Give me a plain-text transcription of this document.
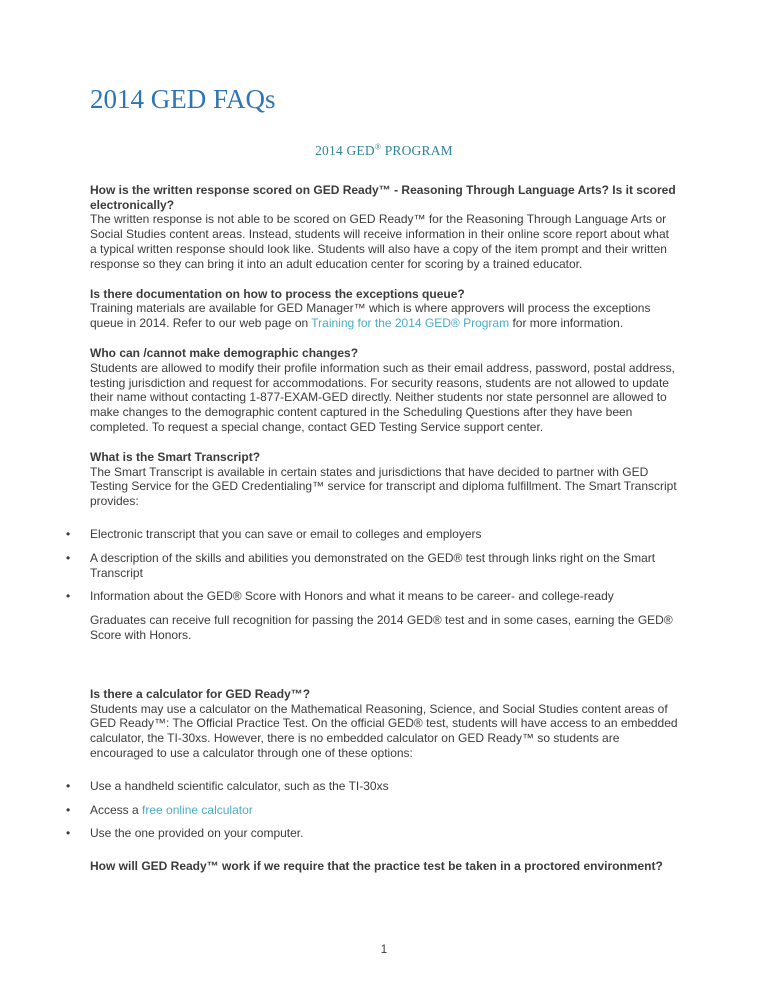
2014 GED FAQs
2014 GED® PROGRAM

How is the written response scored on GED Ready™ - Reasoning Through Language Arts? Is it scored electronically?

The written response is not able to be scored on GED Ready™ for the Reasoning Through Language Arts or Social Studies content areas. Instead, students will receive information in their online score report about what a typical written response should look like. Students will also have a copy of the item prompt and their written response so they can bring it into an adult education center for scoring by a trained educator.

Is there documentation on how to process the exceptions queue?

Training materials are available for GED Manager™ which is where approvers will process the exceptions queue in 2014. Refer to our web page on Training for the 2014 GED® Program for more information.

Who can /cannot make demographic changes?

Students are allowed to modify their profile information such as their email address, password, postal address, testing jurisdiction and request for accommodations. For security reasons, students are not allowed to update their name without contacting 1-877-EXAM-GED directly. Neither students nor state personnel are allowed to make changes to the demographic content captured in the Scheduling Questions after they have been completed. To request a special change, contact GED Testing Service support center.

What is the Smart Transcript?

The Smart Transcript is available in certain states and jurisdictions that have decided to partner with GED Testing Service for the GED Credentialing™ service for transcript and diploma fulfillment. The Smart Transcript provides:

• Electronic transcript that you can save or email to colleges and employers
• A description of the skills and abilities you demonstrated on the GED® test through links right on the Smart Transcript
• Information about the GED® Score with Honors and what it means to be career- and college-ready

Graduates can receive full recognition for passing the 2014 GED® test and in some cases, earning the GED® Score with Honors.

Is there a calculator for GED Ready™?

Students may use a calculator on the Mathematical Reasoning, Science, and Social Studies content areas of GED Ready™: The Official Practice Test. On the official GED® test, students will have access to an embedded calculator, the TI-30xs. However, there is no embedded calculator on GED Ready™ so students are encouraged to use a calculator through one of these options:

• Use a handheld scientific calculator, such as the TI-30xs
• Access a free online calculator
• Use the one provided on your computer.

How will GED Ready™ work if we require that the practice test be taken in a proctored environment?

1
